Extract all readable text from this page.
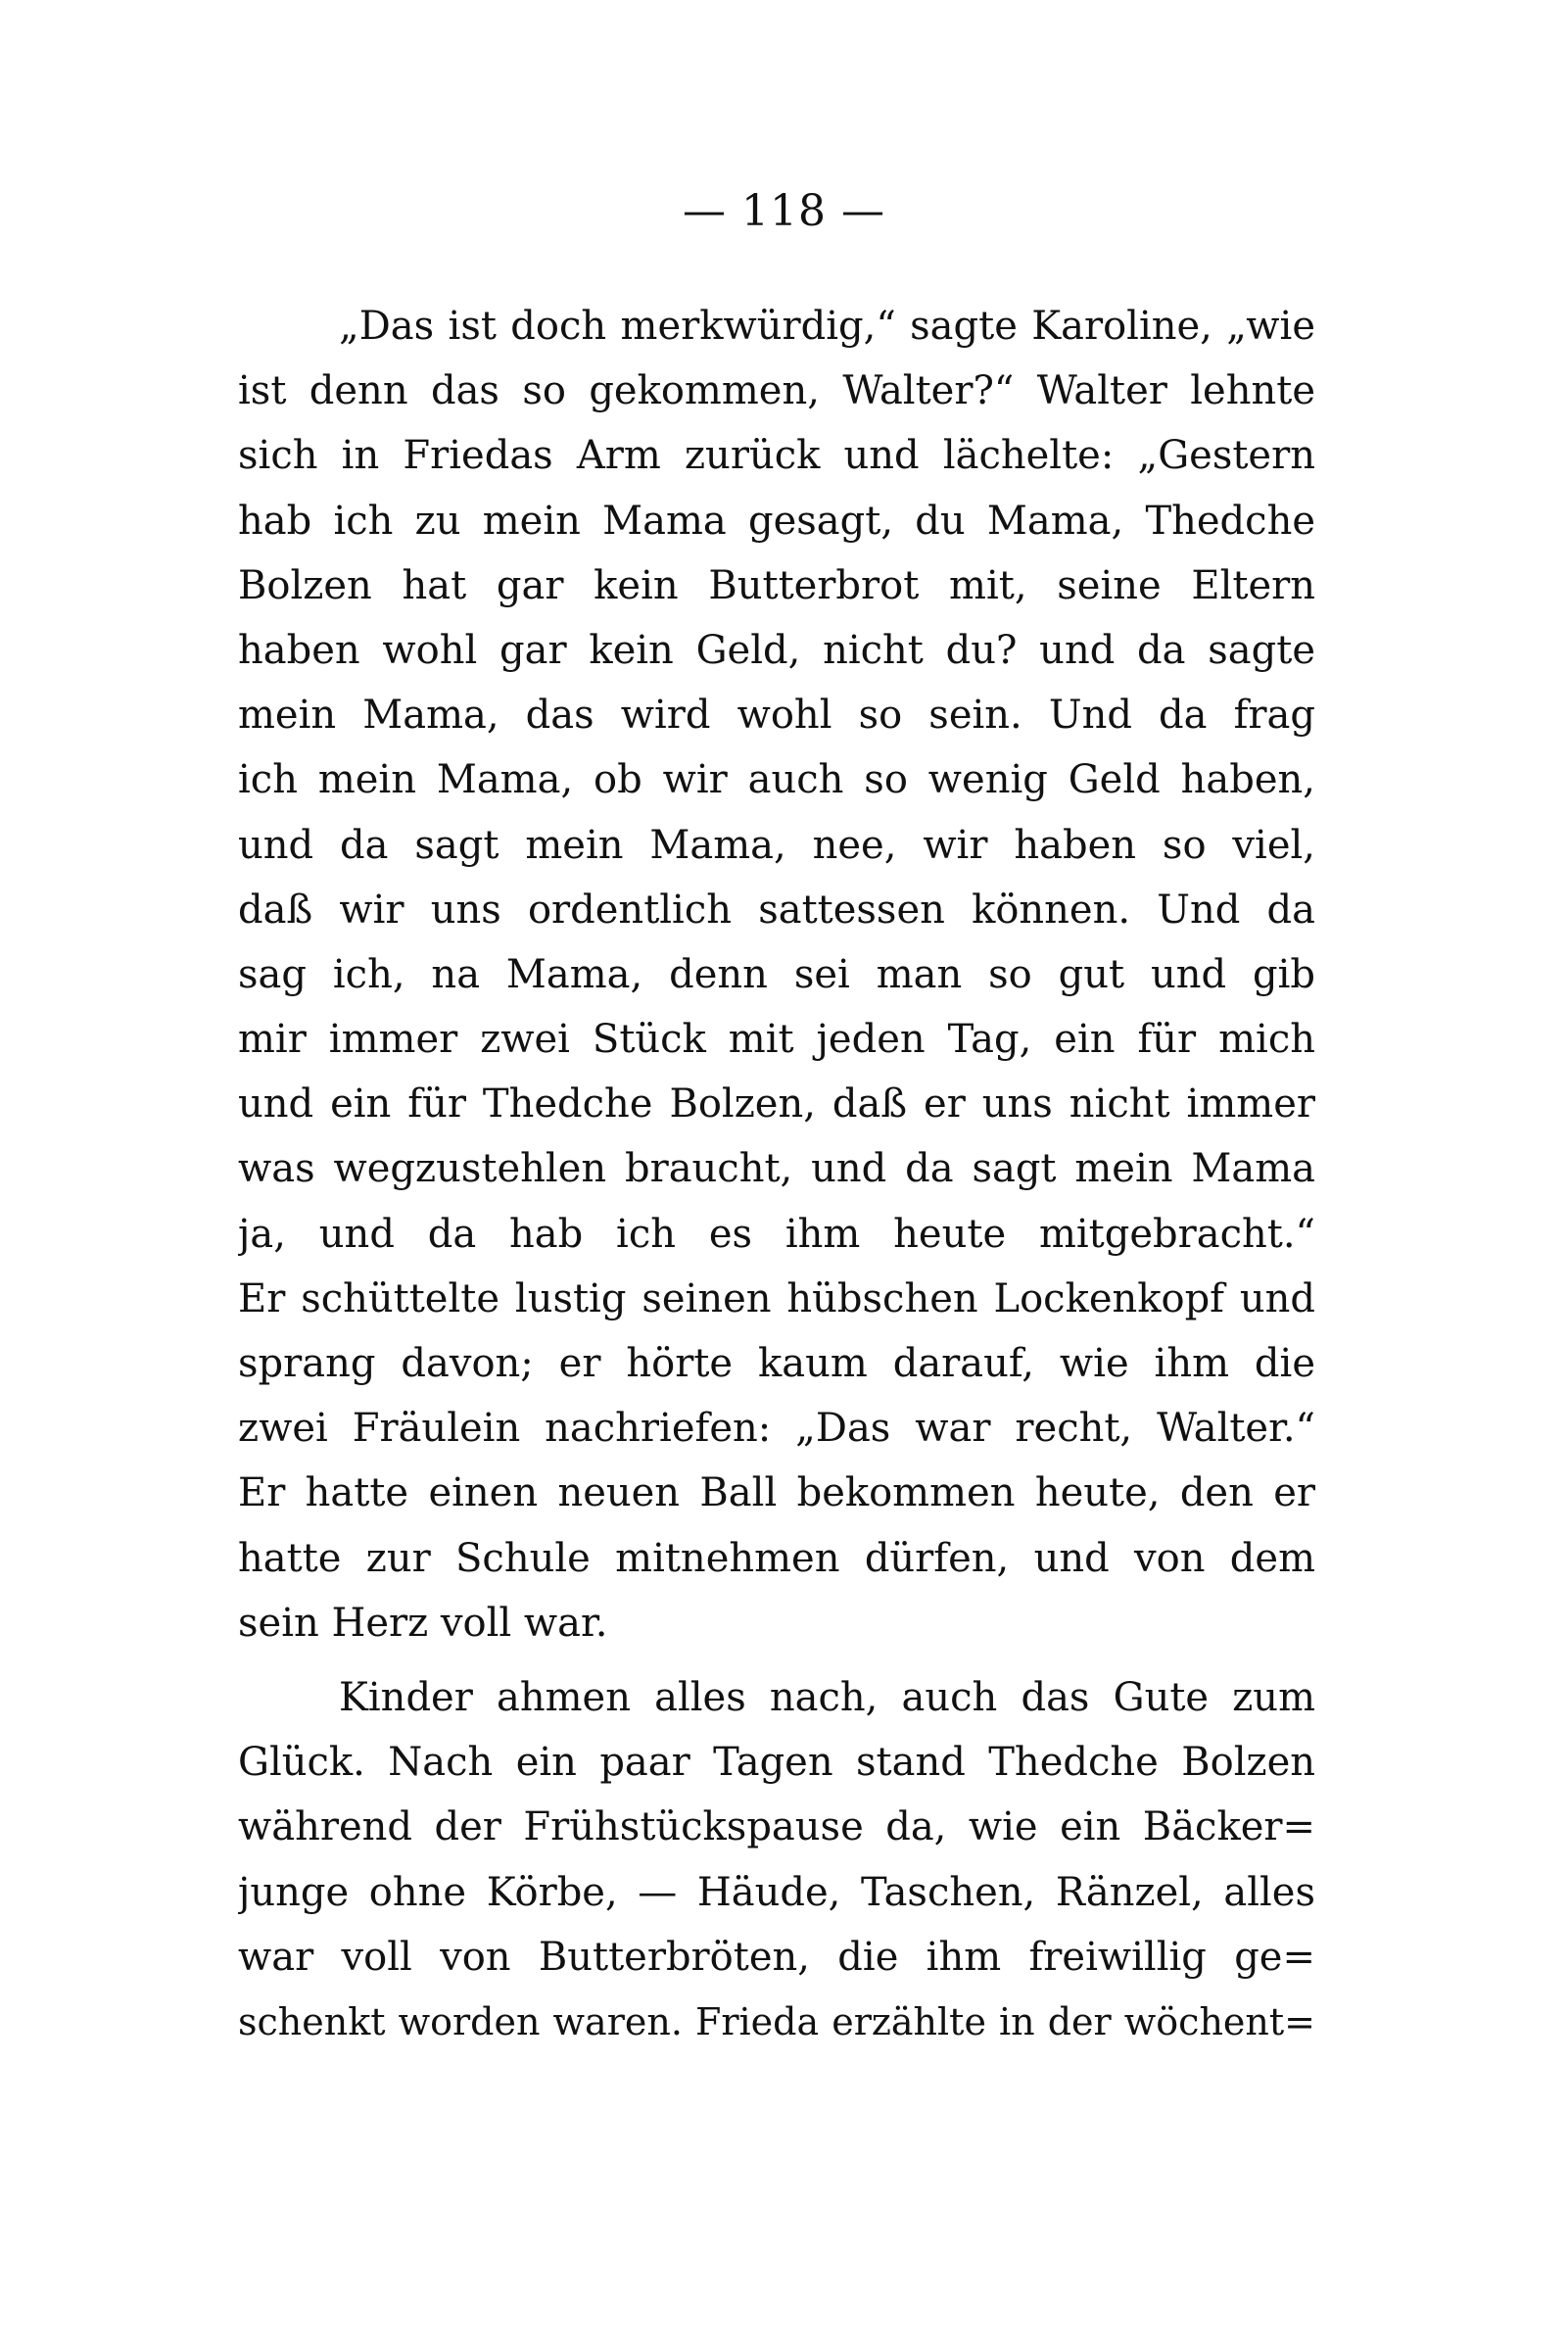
— 118 —
„Das ist doch merkwürdig,“ sagte Karoline, „wie
ist denn das so gekommen, Walter?“ Walter lehnte
sich in Friedas Arm zurück und lächelte: „Gestern
hab ich zu mein Mama gesagt, du Mama, Thedche
Bolzen hat gar kein Butterbrot mit, seine Eltern
haben wohl gar kein Geld, nicht du? und da sagte
mein Mama, das wird wohl so sein. Und da frag
ich mein Mama, ob wir auch so wenig Geld haben,
und da sagt mein Mama, nee, wir haben so viel,
daß wir uns ordentlich sattessen können. Und da
sag ich, na Mama, denn sei man so gut und gib
mir immer zwei Stück mit jeden Tag, ein für mich
und ein für Thedche Bolzen, daß er uns nicht immer
was wegzustehlen braucht, und da sagt mein Mama
ja, und da hab ich es ihm heute mitgebracht.“
Er schüttelte lustig seinen hübschen Lockenkopf und
sprang davon; er hörte kaum darauf, wie ihm die
zwei Fräulein nachriefen: „Das war recht, Walter.“
Er hatte einen neuen Ball bekommen heute, den er
hatte zur Schule mitnehmen dürfen, und von dem
sein Herz voll war.
Kinder ahmen alles nach, auch das Gute zum
Glück. Nach ein paar Tagen stand Thedche Bolzen
während der Frühstückspause da, wie ein Bäcker=
junge ohne Körbe, — Häude, Taschen, Ränzel, alles
war voll von Butterbröten, die ihm freiwillig ge=
schenkt worden waren. Frieda erzählte in der wöchent=
